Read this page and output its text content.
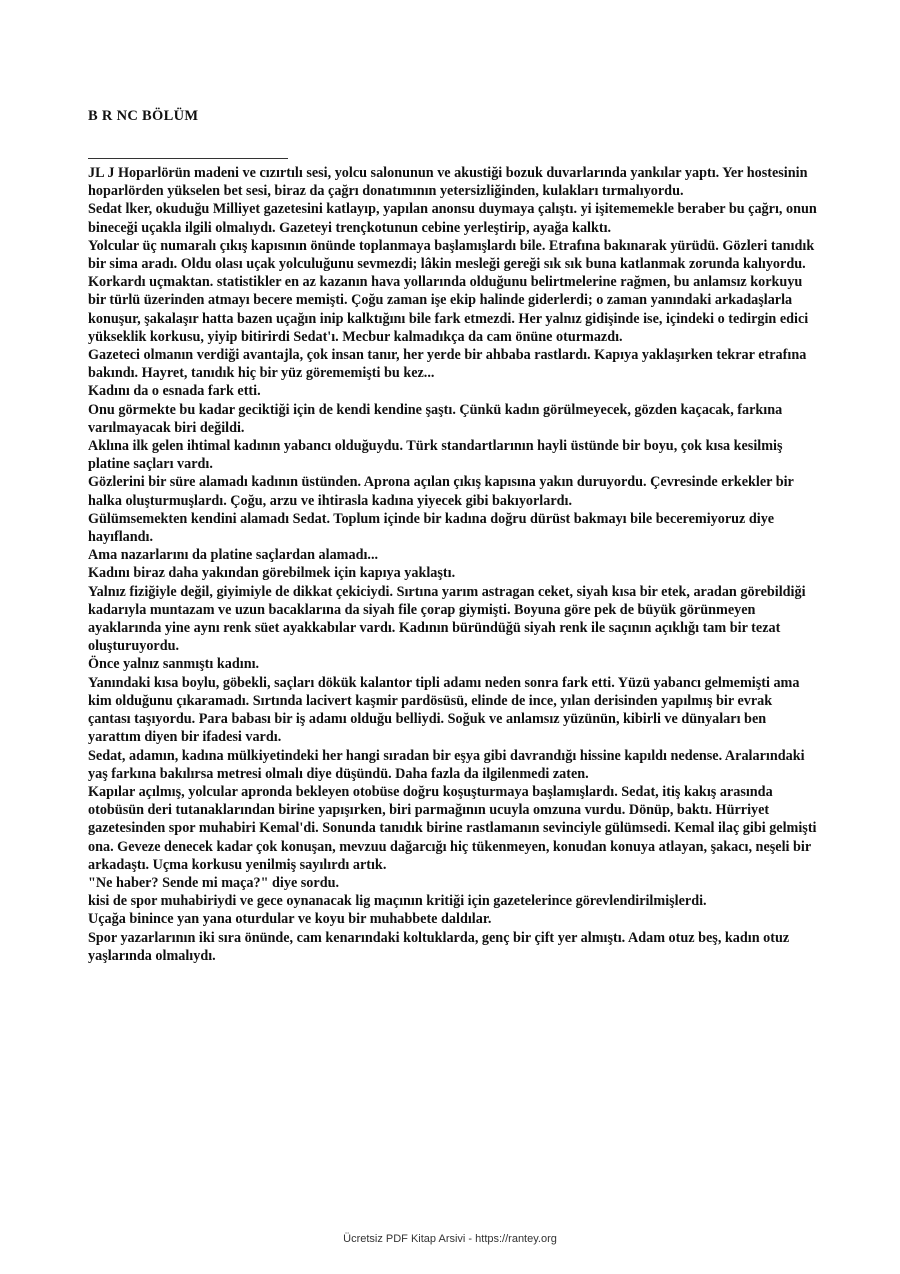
B R NC BÖLÜM

JL J Hoparlörün madeni ve cızırtılı sesi, yolcu salonunun ve akustiği bozuk duvarlarında yankılar yaptı. Yer hostesinin hoparlörden yükselen bet sesi, biraz da çağrı donatımının yetersizliğinden, kulakları tırmalıyordu.

Sedat lker, okuduğu Milliyet gazetesini katlayıp, yapılan anonsu duymaya çalıştı. yi işitememekle beraber bu çağrı, onun bineceği uçakla ilgili olmalıydı. Gazeteyi trençkotunun cebine yerleştirip, ayağa kalktı.

Yolcular üç numaralı çıkış kapısının önünde toplanmaya başlamışlardı bile. Etrafına bakınarak yürüdü. Gözleri tanıdık bir sima aradı. Oldu olası uçak yolculuğunu sevmezdi; lâkin mesleği gereği sık sık buna katlanmak zorunda kalıyordu. Korkardı uçmaktan. statistikler en az kazanın hava yollarında olduğunu belirtmelerine rağmen, bu anlamsız korkuyu bir türlü üzerinden atmayı becere memişti. Çoğu zaman işe ekip halinde giderlerdi; o zaman yanındaki arkadaşlarla konuşur, şakalaşır hatta bazen uçağın inip kalktığını bile fark etmezdi. Her yalnız gidişinde ise, içindeki o tedirgin edici yükseklik korkusu, yiyip bitirirdi Sedat'ı. Mecbur kalmadıkça da cam önüne oturmazdı.

Gazeteci olmanın verdiği avantajla, çok insan tanır, her yerde bir ahbaba rastlardı. Kapıya yaklaşırken tekrar etrafına bakındı. Hayret, tanıdık hiç bir yüz görememişti bu kez...

Kadını da o esnada fark etti.

Onu görmekte bu kadar geciktiği için de kendi kendine şaştı. Çünkü kadın görülmeyecek, gözden kaçacak, farkına varılmayacak biri değildi.

Aklına ilk gelen ihtimal kadının yabancı olduğuydu. Türk standartlarının hayli üstünde bir boyu, çok kısa kesilmiş platine saçları vardı.

Gözlerini bir süre alamadı kadının üstünden. Aprona açılan çıkış kapısına yakın duruyordu. Çevresinde erkekler bir halka oluşturmuşlardı. Çoğu, arzu ve ihtirasla kadına yiyecek gibi bakıyorlardı.

Gülümsemekten kendini alamadı Sedat. Toplum içinde bir kadına doğru dürüst bakmayı bile beceremiyoruz diye hayıflandı.

Ama nazarlarını da platine saçlardan alamadı...

Kadını biraz daha yakından görebilmek için kapıya yaklaştı.

Yalnız fiziğiyle değil, giyimiyle de dikkat çekiciydi. Sırtına yarım astragan ceket, siyah kısa bir etek, aradan görebildiği kadarıyla muntazam ve uzun bacaklarına da siyah file çorap giymişti. Boyuna göre pek de büyük görünmeyen ayaklarında yine aynı renk süet ayakkabılar vardı. Kadının büründüğü siyah renk ile saçının açıklığı tam bir tezat oluşturuyordu.

Önce yalnız sanmıştı kadını.

Yanındaki kısa boylu, göbekli, saçları dökük kalantor tipli adamı neden sonra fark etti. Yüzü yabancı gelmemişti ama kim olduğunu çıkaramadı. Sırtında lacivert kaşmir pardösüsü, elinde de ince, yılan derisinden yapılmış bir evrak çantası taşıyordu. Para babası bir iş adamı olduğu belliydi. Soğuk ve anlamsız yüzünün, kibirli ve dünyaları ben yarattım diyen bir ifadesi vardı.

Sedat, adamın, kadına mülkiyetindeki her hangi sıradan bir eşya gibi davrandığı hissine kapıldı nedense. Aralarındaki yaş farkına bakılırsa metresi olmalı diye düşündü. Daha fazla da ilgilenmedi zaten.

Kapılar açılmış, yolcular apronda bekleyen otobüse doğru koşuşturmaya başlamışlardı. Sedat, itiş kakış arasında otobüsün deri tutanaklarından birine yapışırken, biri parmağının ucuyla omzuna vurdu. Dönüp, baktı. Hürriyet gazetesinden spor muhabiri Kemal'di. Sonunda tanıdık birine rastlamanın sevinciyle gülümsedi. Kemal ilaç gibi gelmişti ona. Geveze denecek kadar çok konuşan, mevzuu dağarcığı hiç tükenmeyen, konudan konuya atlayan, şakacı, neşeli bir arkadaştı. Uçma korkusu yenilmiş sayılırdı artık.

"Ne haber? Sende mi maça?" diye sordu.

kisi de spor muhabiriydi ve gece oynanacak lig maçının kritiği için gazetelerince görevlendirilmişlerdi.

Uçağa binince yan yana oturdular ve koyu bir muhabbete daldılar.

Spor yazarlarının iki sıra önünde, cam kenarındaki koltuklarda, genç bir çift yer almıştı. Adam otuz beş, kadın otuz yaşlarında olmalıydı.

Ücretsiz PDF Kitap Arsivi - https://rantey.org
